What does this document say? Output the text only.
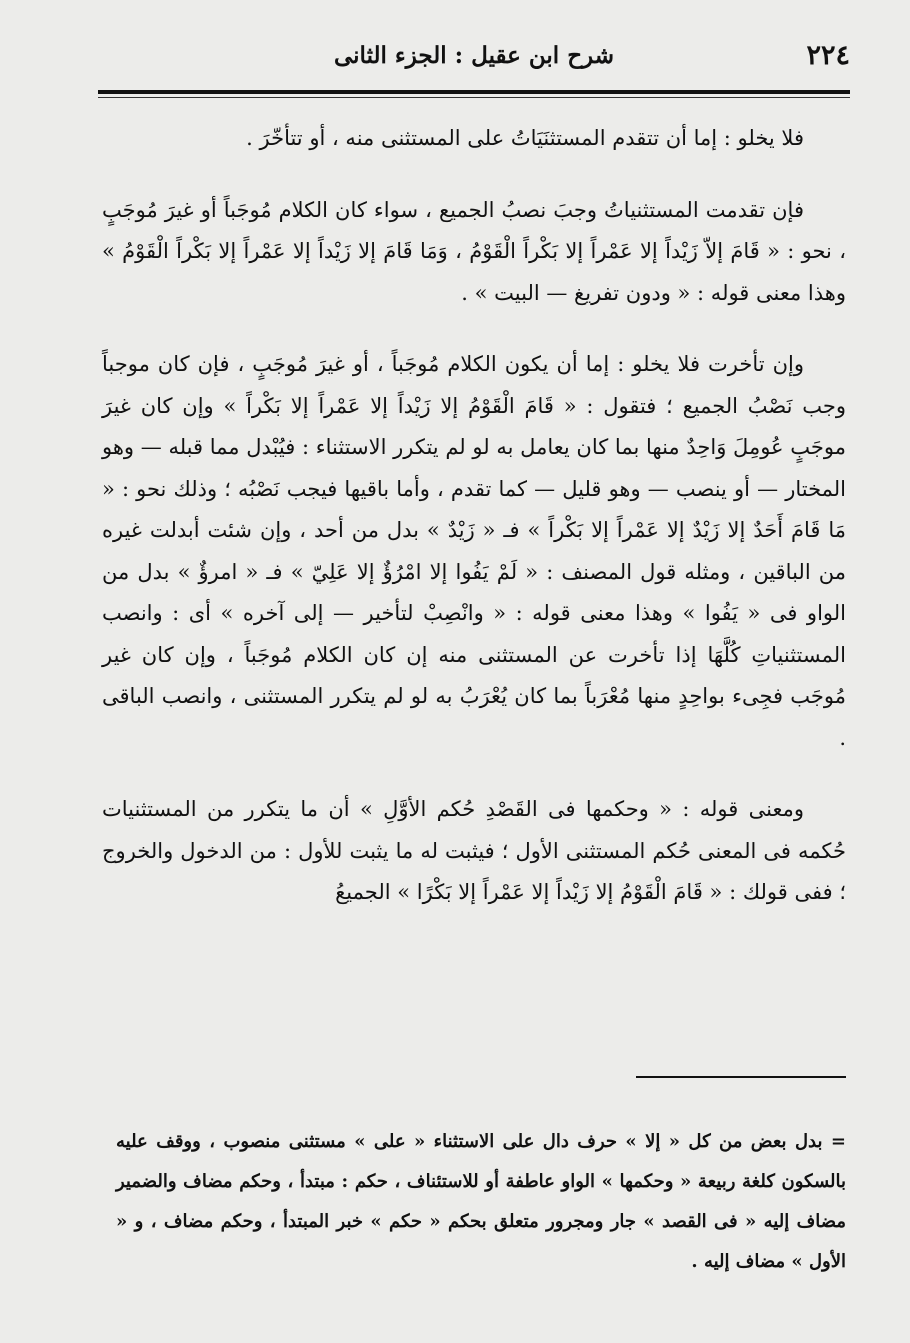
٢٢٤
شرح ابن عقيل : الجزء الثانى

فلا يخلو : إما أن تتقدم المستثنَيَاتُ على المستثنى منه ، أو تتأخّرَ .

فإن تقدمت المستثنياتُ وجبَ نصبُ الجميع ، سواء كان الكلام مُوجَباً أو غيرَ مُوجَبٍ ، نحو : « قَامَ إلاّ زَيْداً إلا عَمْراً إلا بَكْراً الْقَوْمُ ، وَمَا قَامَ إلا زَيْداً إلا عَمْراً إلا بَكْراً الْقَوْمُ » وهذا معنى قوله : « ودون تفريغ — البيت » .

وإن تأخرت فلا يخلو : إما أن يكون الكلام مُوجَباً ، أو غيرَ مُوجَبٍ ، فإن كان موجباً وجب نَصْبُ الجميع ؛ فتقول : « قَامَ الْقَوْمُ إلا زَيْداً إلا عَمْراً إلا بَكْراً » وإن كان غيرَ موجَبٍ عُومِلَ وَاحِدٌ منها بما كان يعامل به لو لم يتكرر الاستثناء : فيُبْدل مما قبله — وهو المختار — أو ينصب — وهو قليل — كما تقدم ، وأما باقيها فيجب نَصْبُه ؛ وذلك نحو : « مَا قَامَ أَحَدٌ إلا زَيْدٌ إلا عَمْراً إلا بَكْراً » فـ « زَيْدٌ » بدل من أحد ، وإن شئت أبدلت غيره من الباقين ، ومثله قول المصنف : « لَمْ يَفُوا إلا امْرُؤٌ إلا عَلِيّ » فـ « امرؤٌ » بدل من الواو فى « يَفُوا » وهذا معنى قوله : « وانْصِبْ لتأخير — إلى آخره » أى : وانصب المستثنياتِ كُلَّهَا إذا تأخرت عن المستثنى منه إن كان الكلام مُوجَباً ، وإن كان غير مُوجَب فجِىء بواحِدٍ منها مُعْرَباً بما كان يُعْرَبُ به لو لم يتكرر المستثنى ، وانصب الباقى .

ومعنى قوله : « وحكمها فى القَصْدِ حُكم الأوَّلِ » أن ما يتكرر من المستثنيات حُكمه فى المعنى حُكم المستثنى الأول ؛ فيثبت له ما يثبت للأول : من الدخول والخروج ؛ ففى قولك : « قَامَ الْقَوْمُ إلا زَيْداً إلا عَمْراً إلا بَكْرًا » الجميعُ

= بدل بعض من كل « إلا » حرف دال على الاستثناء « على » مستثنى منصوب ، ووقف عليه بالسكون كلغة ربيعة « وحكمها » الواو عاطفة أو للاستئناف ، حكم : مبتدأ ، وحكم مضاف والضمير مضاف إليه « فى القصد » جار ومجرور متعلق بحكم « حكم » خبر المبتدأ ، وحكم مضاف ، و « الأول » مضاف إليه .
